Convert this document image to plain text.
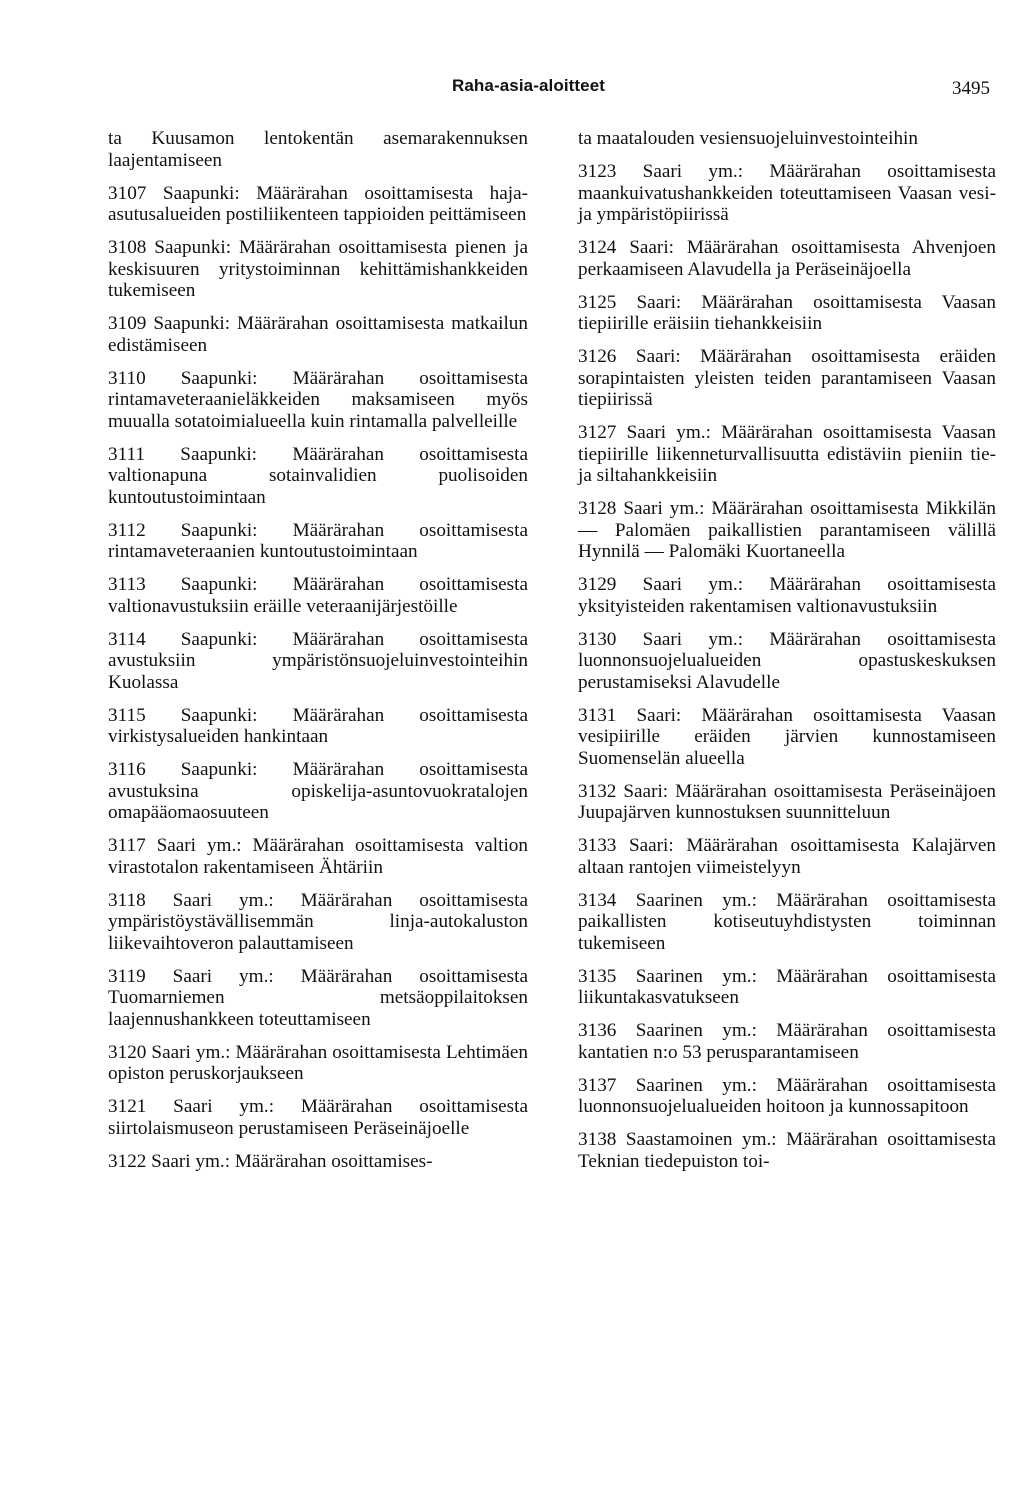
Raha-asia-aloitteet	3495

ta Kuusamon lentokentän asemarakennuksen laajentamiseen

3107 Saapunki: Määrärahan osoittamisesta haja-asutusalueiden postiliikenteen tappioiden peittämiseen

3108 Saapunki: Määrärahan osoittamisesta pienen ja keskisuuren yritystoiminnan kehittämishankkeiden tukemiseen

3109 Saapunki: Määrärahan osoittamisesta matkailun edistämiseen

3110 Saapunki: Määrärahan osoittamisesta rintamaveteraanieläkkeiden maksamiseen myös muualla sotatoimialueella kuin rintamalla palvelleille

3111 Saapunki: Määrärahan osoittamisesta valtionapuna sotainvalidien puolisoiden kuntoutustoimintaan

3112 Saapunki: Määrärahan osoittamisesta rintamaveteraanien kuntoutustoimintaan

3113 Saapunki: Määrärahan osoittamisesta valtionavustuksiin eräille veteraanijärjestöille

3114 Saapunki: Määrärahan osoittamisesta avustuksiin ympäristönsuojeluinvestointeihin Kuolassa

3115 Saapunki: Määrärahan osoittamisesta virkistysalueiden hankintaan

3116 Saapunki: Määrärahan osoittamisesta avustuksina opiskelija-asuntovuokratalojen omapääomaosuuteen

3117 Saari ym.: Määrärahan osoittamisesta valtion virastotalon rakentamiseen Ähtäriin

3118 Saari ym.: Määrärahan osoittamisesta ympäristöystävällisemmän linja-autokaluston liikevaihtoveron palauttamiseen

3119 Saari ym.: Määrärahan osoittamisesta Tuomarniemen metsäoppilaitoksen laajennushankkeen toteuttamiseen

3120 Saari ym.: Määrärahan osoittamisesta Lehtimäen opiston peruskorjaukseen

3121 Saari ym.: Määrärahan osoittamisesta siirtolaismuseon perustamiseen Peräseinäjoelle

3122 Saari ym.: Määrärahan osoittamises-

ta maatalouden vesiensuojeluinvestointeihin

3123 Saari ym.: Määrärahan osoittamisesta maankuivatushankkeiden toteuttamiseen Vaasan vesi- ja ympäristöpiirissä

3124 Saari: Määrärahan osoittamisesta Ahvenjoen perkaamiseen Alavudella ja Peräseinäjoella

3125 Saari: Määrärahan osoittamisesta Vaasan tiepiirille eräisiin tiehankkeisiin

3126 Saari: Määrärahan osoittamisesta eräiden sorapintaisten yleisten teiden parantamiseen Vaasan tiepiirissä

3127 Saari ym.: Määrärahan osoittamisesta Vaasan tiepiirille liikenneturvallisuutta edistäviin pieniin tie- ja siltahankkeisiin

3128 Saari ym.: Määrärahan osoittamisesta Mikkilän — Palomäen paikallistien parantamiseen välillä Hynnilä — Palomäki Kuortaneella

3129 Saari ym.: Määrärahan osoittamisesta yksityisteiden rakentamisen valtionavustuksiin

3130 Saari ym.: Määrärahan osoittamisesta luonnonsuojelualueiden opastuskeskuksen perustamiseksi Alavudelle

3131 Saari: Määrärahan osoittamisesta Vaasan vesipiirille eräiden järvien kunnostamiseen Suomenselän alueella

3132 Saari: Määrärahan osoittamisesta Peräseinäjoen Juupajärven kunnostuksen suunnitteluun

3133 Saari: Määrärahan osoittamisesta Kalajärven altaan rantojen viimeistelyyn

3134 Saarinen ym.: Määrärahan osoittamisesta paikallisten kotiseutuyhdistysten toiminnan tukemiseen

3135 Saarinen ym.: Määrärahan osoittamisesta liikuntakasvatukseen

3136 Saarinen ym.: Määrärahan osoittamisesta kantatien n:o 53 perusparantamiseen

3137 Saarinen ym.: Määrärahan osoittamisesta luonnonsuojelualueiden hoitoon ja kunnossapitoon

3138 Saastamoinen ym.: Määrärahan osoittamisesta Teknian tiedepuiston toi-
